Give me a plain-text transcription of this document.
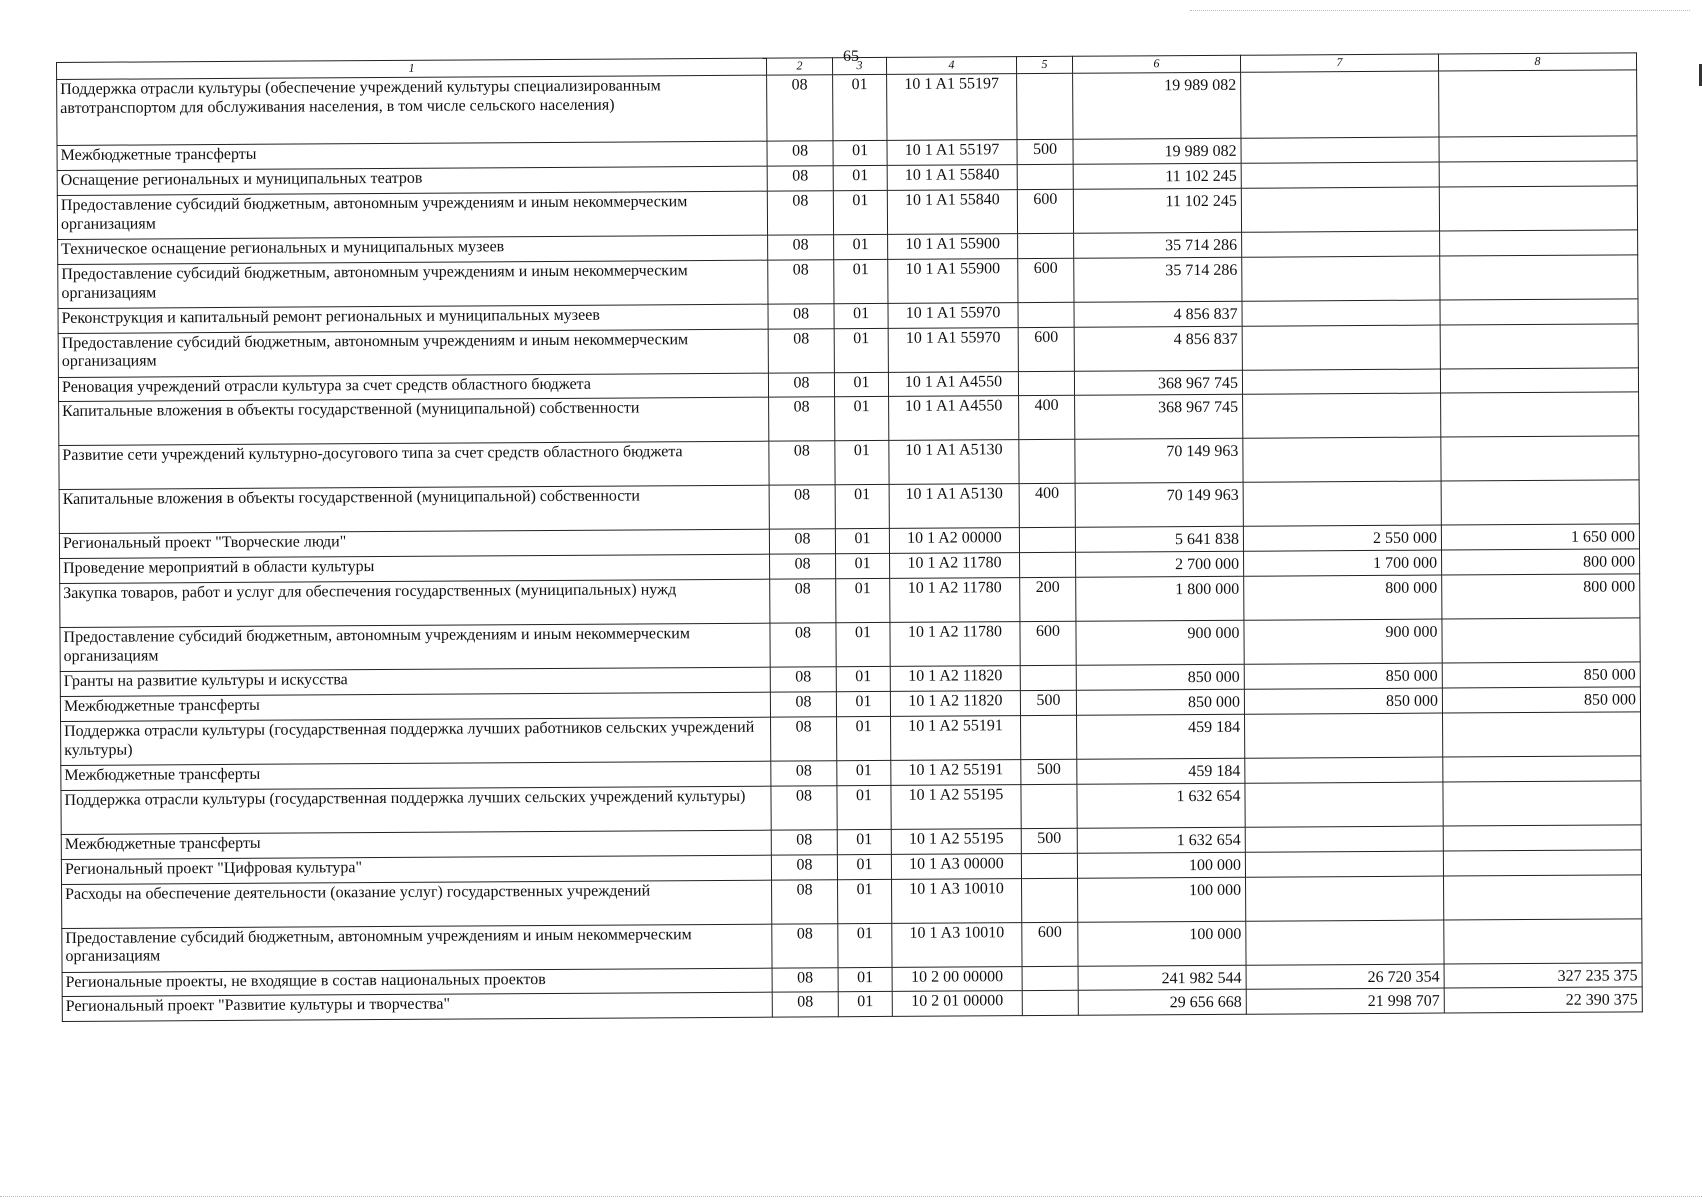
65
1	2	3	4	5	6	7	8
Поддержка отрасли культуры (обеспечение учреждений культуры специализированным автотранспортом для обслуживания населения, в том числе сельского населения)	08	01	10 1 A1 55197		19 989 082		
Межбюджетные трансферты	08	01	10 1 A1 55197	500	19 989 082		
Оснащение региональных и муниципальных театров	08	01	10 1 A1 55840		11 102 245		
Предоставление субсидий бюджетным, автономным учреждениям и иным некоммерческим организациям	08	01	10 1 A1 55840	600	11 102 245		
Техническое оснащение региональных и муниципальных музеев	08	01	10 1 A1 55900		35 714 286		
Предоставление субсидий бюджетным, автономным учреждениям и иным некоммерческим организациям	08	01	10 1 A1 55900	600	35 714 286		
Реконструкция и капитальный ремонт региональных и муниципальных музеев	08	01	10 1 A1 55970		4 856 837		
Предоставление субсидий бюджетным, автономным учреждениям и иным некоммерческим организациям	08	01	10 1 A1 55970	600	4 856 837		
Реновация учреждений отрасли культура за счет средств областного бюджета	08	01	10 1 A1 A4550		368 967 745		
Капитальные вложения в объекты государственной (муниципальной) собственности	08	01	10 1 A1 A4550	400	368 967 745		
Развитие сети учреждений культурно-досугового типа за счет средств областного бюджета	08	01	10 1 A1 A5130		70 149 963		
Капитальные вложения в объекты государственной (муниципальной) собственности	08	01	10 1 A1 A5130	400	70 149 963		
Региональный проект "Творческие люди"	08	01	10 1 A2 00000		5 641 838	2 550 000	1 650 000
Проведение мероприятий в области культуры	08	01	10 1 A2 11780		2 700 000	1 700 000	800 000
Закупка товаров, работ и услуг для обеспечения государственных (муниципальных) нужд	08	01	10 1 A2 11780	200	1 800 000	800 000	800 000
Предоставление субсидий бюджетным, автономным учреждениям и иным некоммерческим организациям	08	01	10 1 A2 11780	600	900 000	900 000	
Гранты на развитие культуры и искусства	08	01	10 1 A2 11820		850 000	850 000	850 000
Межбюджетные трансферты	08	01	10 1 A2 11820	500	850 000	850 000	850 000
Поддержка отрасли культуры (государственная поддержка лучших работников сельских учреждений культуры)	08	01	10 1 A2 55191		459 184		
Межбюджетные трансферты	08	01	10 1 A2 55191	500	459 184		
Поддержка отрасли культуры (государственная поддержка лучших сельских учреждений культуры)	08	01	10 1 A2 55195		1 632 654		
Межбюджетные трансферты	08	01	10 1 A2 55195	500	1 632 654		
Региональный проект "Цифровая культура"	08	01	10 1 A3 00000		100 000		
Расходы на обеспечение деятельности (оказание услуг) государственных учреждений	08	01	10 1 A3 10010		100 000		
Предоставление субсидий бюджетным, автономным учреждениям и иным некоммерческим организациям	08	01	10 1 A3 10010	600	100 000		
Региональные проекты, не входящие в состав национальных проектов	08	01	10 2 00 00000		241 982 544	26 720 354	327 235 375
Региональный проект "Развитие культуры и творчества"	08	01	10 2 01 00000		29 656 668	21 998 707	22 390 375
